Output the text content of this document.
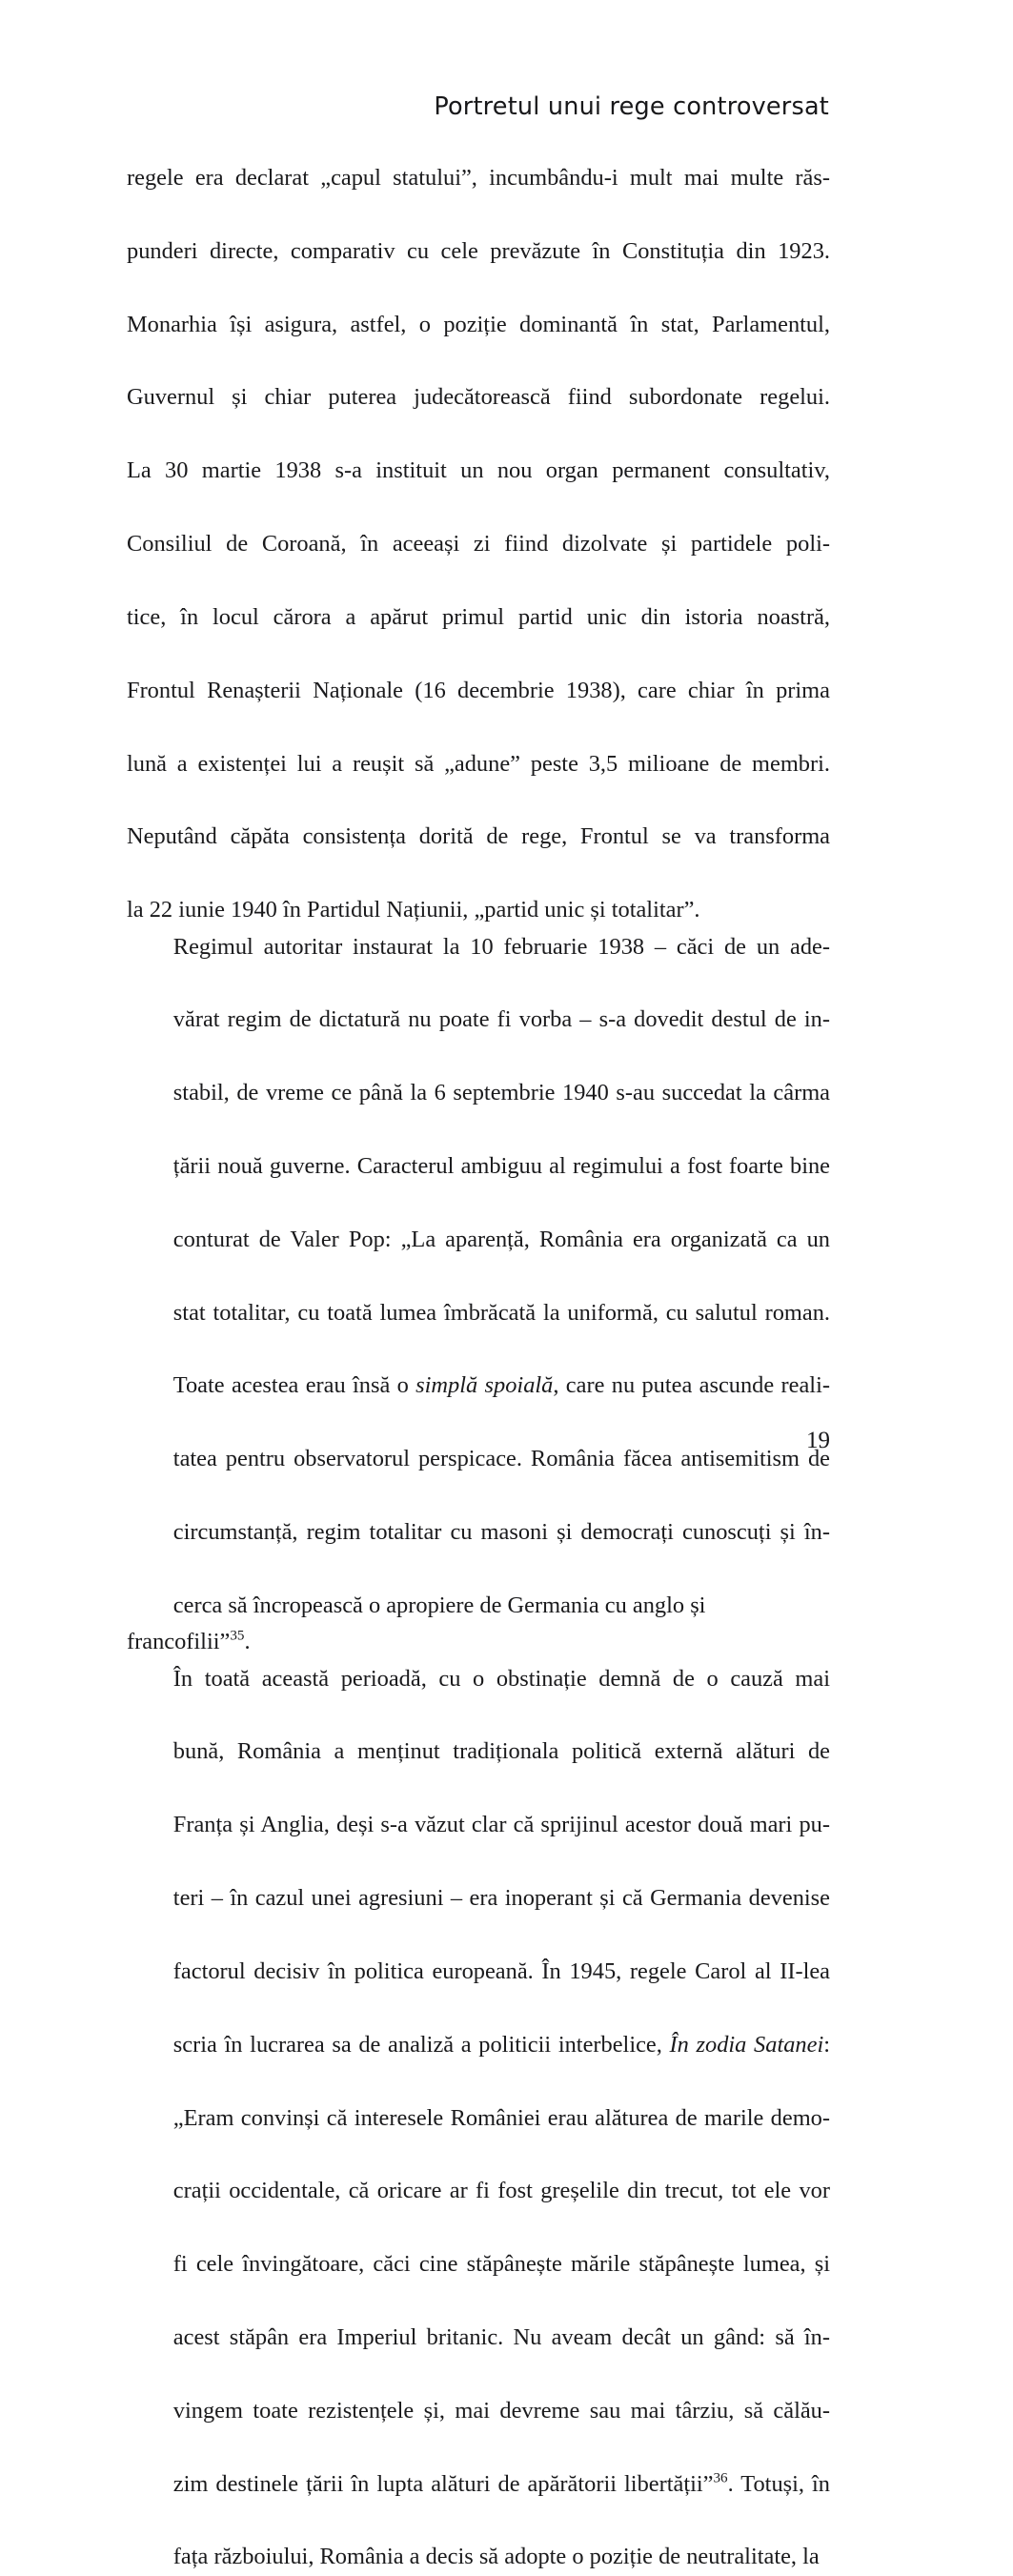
Portretul unui rege controversat

regele era declarat „capul statului”, incumbându-i mult mai multe răs-
punderi directe, comparativ cu cele prevăzute în Constituția din 1923.
Monarhia își asigura, astfel, o poziție dominantă în stat, Parlamentul,
Guvernul și chiar puterea judecătorească fiind subordonate regelui.
La 30 martie 1938 s-a instituit un nou organ permanent consultativ,
Consiliul de Coroană, în aceeași zi fiind dizolvate și partidele poli-
tice, în locul cărora a apărut primul partid unic din istoria noastră,
Frontul Renașterii Naționale (16 decembrie 1938), care chiar în prima
lună a existenței lui a reușit să „adune” peste 3,5 milioane de membri.
Neputând căpăta consistența dorită de rege, Frontul se va transforma
la 22 iunie 1940 în Partidul Națiunii, „partid unic și totalitar”.

Regimul autoritar instaurat la 10 februarie 1938 – căci de un ade-
vărat regim de dictatură nu poate fi vorba – s-a dovedit destul de in-
stabil, de vreme ce până la 6 septembrie 1940 s-au succedat la cârma
țării nouă guverne. Caracterul ambiguu al regimului a fost foarte bine
conturat de Valer Pop: „La aparență, România era organizată ca un
stat totalitar, cu toată lumea îmbrăcată la uniformă, cu salutul roman.
Toate acestea erau însă o simplă spoială, care nu putea ascunde reali-
tatea pentru observatorul perspicace. România făcea antisemitism de
circumstanță, regim totalitar cu masoni și democrați cunoscuți și în-
cerca să încropească o apropiere de Germania cu anglo și francofilii”$^{35}$.

În toată această perioadă, cu o obstinație demnă de o cauză mai
bună, România a menținut tradiționala politică externă alături de
Franța și Anglia, deși s-a văzut clar că sprijinul acestor două mari pu-
teri – în cazul unei agresiuni – era inoperant și că Germania devenise
factorul decisiv în politica europeană. În 1945, regele Carol al II-lea
scria în lucrarea sa de analiză a politicii interbelice, În zodia Satanei:
„Eram convinși că interesele României erau alăturea de marile demo-
crații occidentale, că oricare ar fi fost greșelile din trecut, tot ele vor
fi cele învingătoare, căci cine stăpânește mările stăpânește lumea, și
acest stăpân era Imperiul britanic. Nu aveam decât un gând: să în-
vingem toate rezistențele și, mai devreme sau mai târziu, să călău-
zim destinele țării în lupta alături de apărătorii libertății”$^{36}$. Totuși, în
fața războiului, România a decis să adopte o poziție de neutralitate, la

19
